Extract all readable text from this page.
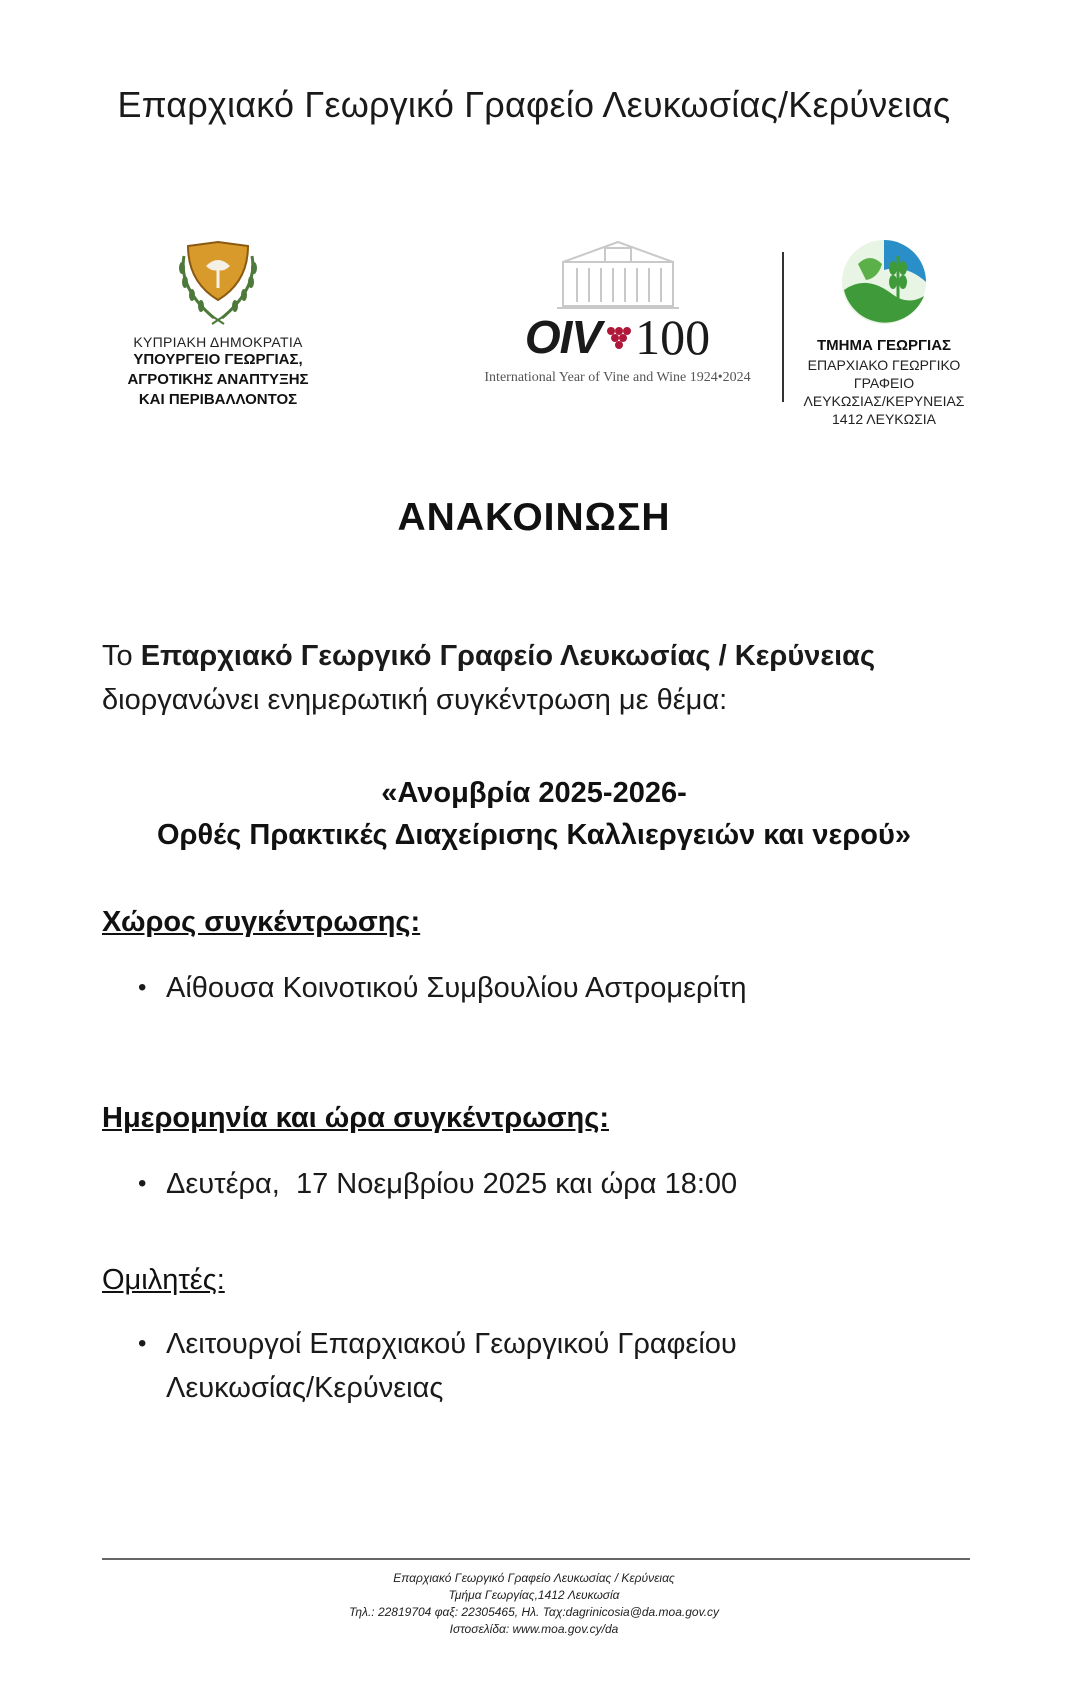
Επαρχιακό Γεωργικό Γραφείο Λευκωσίας/Κερύνειας
ΚΥΠΡΙΑΚΗ ΔΗΜΟΚΡΑΤΙΑ
ΥΠΟΥΡΓΕΙΟ ΓΕΩΡΓΙΑΣ,
ΑΓΡΟΤΙΚΗΣ ΑΝΑΠΤΥΞΗΣ
ΚΑΙ ΠΕΡΙΒΑΛΛΟΝΤΟΣ
OIV 100
International Year of Vine and Wine 1924•2024
ΤΜΗΜΑ ΓΕΩΡΓΙΑΣ
ΕΠΑΡΧΙΑΚΟ ΓΕΩΡΓΙΚΟ
ΓΡΑΦΕΙΟ
ΛΕΥΚΩΣΙΑΣ/ΚΕΡΥΝΕΙΑΣ
1412 ΛΕΥΚΩΣΙΑ
ΑΝΑΚΟΙΝΩΣΗ
Το Επαρχιακό Γεωργικό Γραφείο Λευκωσίας / Κερύνειας
διοργανώνει ενημερωτική συγκέντρωση με θέμα:
«Ανομβρία 2025-2026-
Ορθές Πρακτικές Διαχείρισης Καλλιεργειών και νερού»
Χώρος συγκέντρωσης:
• Αίθουσα Κοινοτικού Συμβουλίου Αστρομερίτη
Ημερομηνία και ώρα συγκέντρωσης:
• Δευτέρα,  17 Νοεμβρίου 2025 και ώρα 18:00
Ομιλητές:
• Λειτουργοί Επαρχιακού Γεωργικού Γραφείου
Λευκωσίας/Κερύνειας
Επαρχιακό Γεωργικό Γραφείο Λευκωσίας / Κερύνειας
Τμήμα Γεωργίας,1412 Λευκωσία
Τηλ.: 22819704 φαξ: 22305465, Ηλ. Ταχ:dagrinicosia@da.moa.gov.cy
Ιστοσελίδα: www.moa.gov.cy/da
